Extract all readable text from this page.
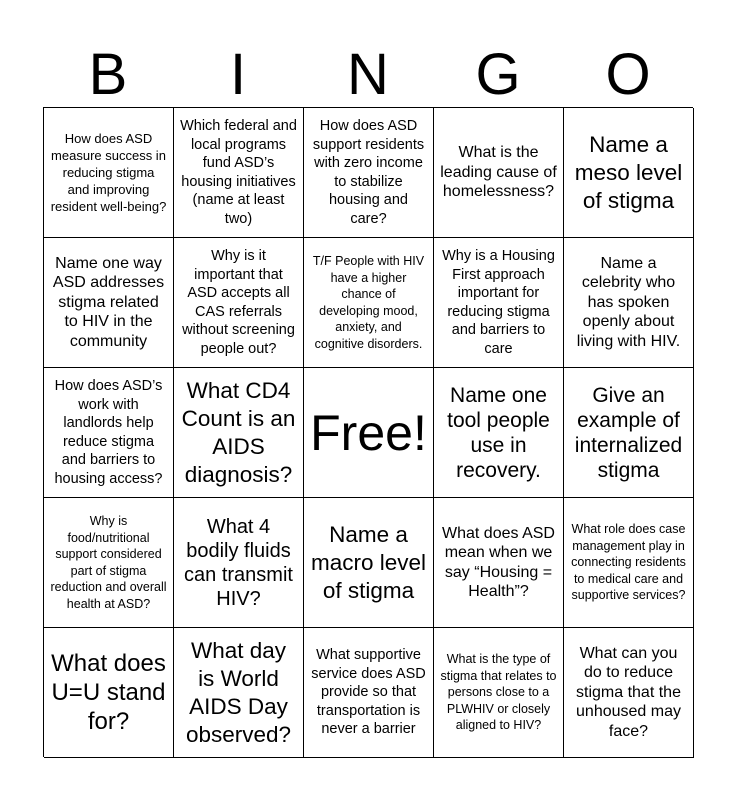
B	I	N	G	O
How does ASD measure success in reducing stigma and improving resident well-being?
Which federal and local programs fund ASD’s housing initiatives (name at least two)
How does ASD support residents with zero income to stabilize housing and care?
What is the leading cause of homelessness?
Name a meso level of stigma
Name one way ASD addresses stigma related to HIV in the community
Why is it important that ASD accepts all CAS referrals without screening people out?
T/F People with HIV have a higher chance of developing mood, anxiety, and cognitive disorders.
Why is a Housing First approach important for reducing stigma and barriers to care
Name a celebrity who has spoken openly about living with HIV.
How does ASD’s work with landlords help reduce stigma and barriers to housing access?
What CD4 Count is an AIDS diagnosis?
Free!
Name one tool people use in recovery.
Give an example of internalized stigma
Why is food/nutritional support considered part of stigma reduction and overall health at ASD?
What 4 bodily fluids can transmit HIV?
Name a macro level of stigma
What does ASD mean when we say “Housing = Health”?
What role does case management play in connecting residents to medical care and supportive services?
What does U=U stand for?
What day is World AIDS Day observed?
What supportive service does ASD provide so that transportation is never a barrier
What is the type of stigma that relates to persons close to a PLWHIV or closely aligned to HIV?
What can you do to reduce stigma that the unhoused may face?
